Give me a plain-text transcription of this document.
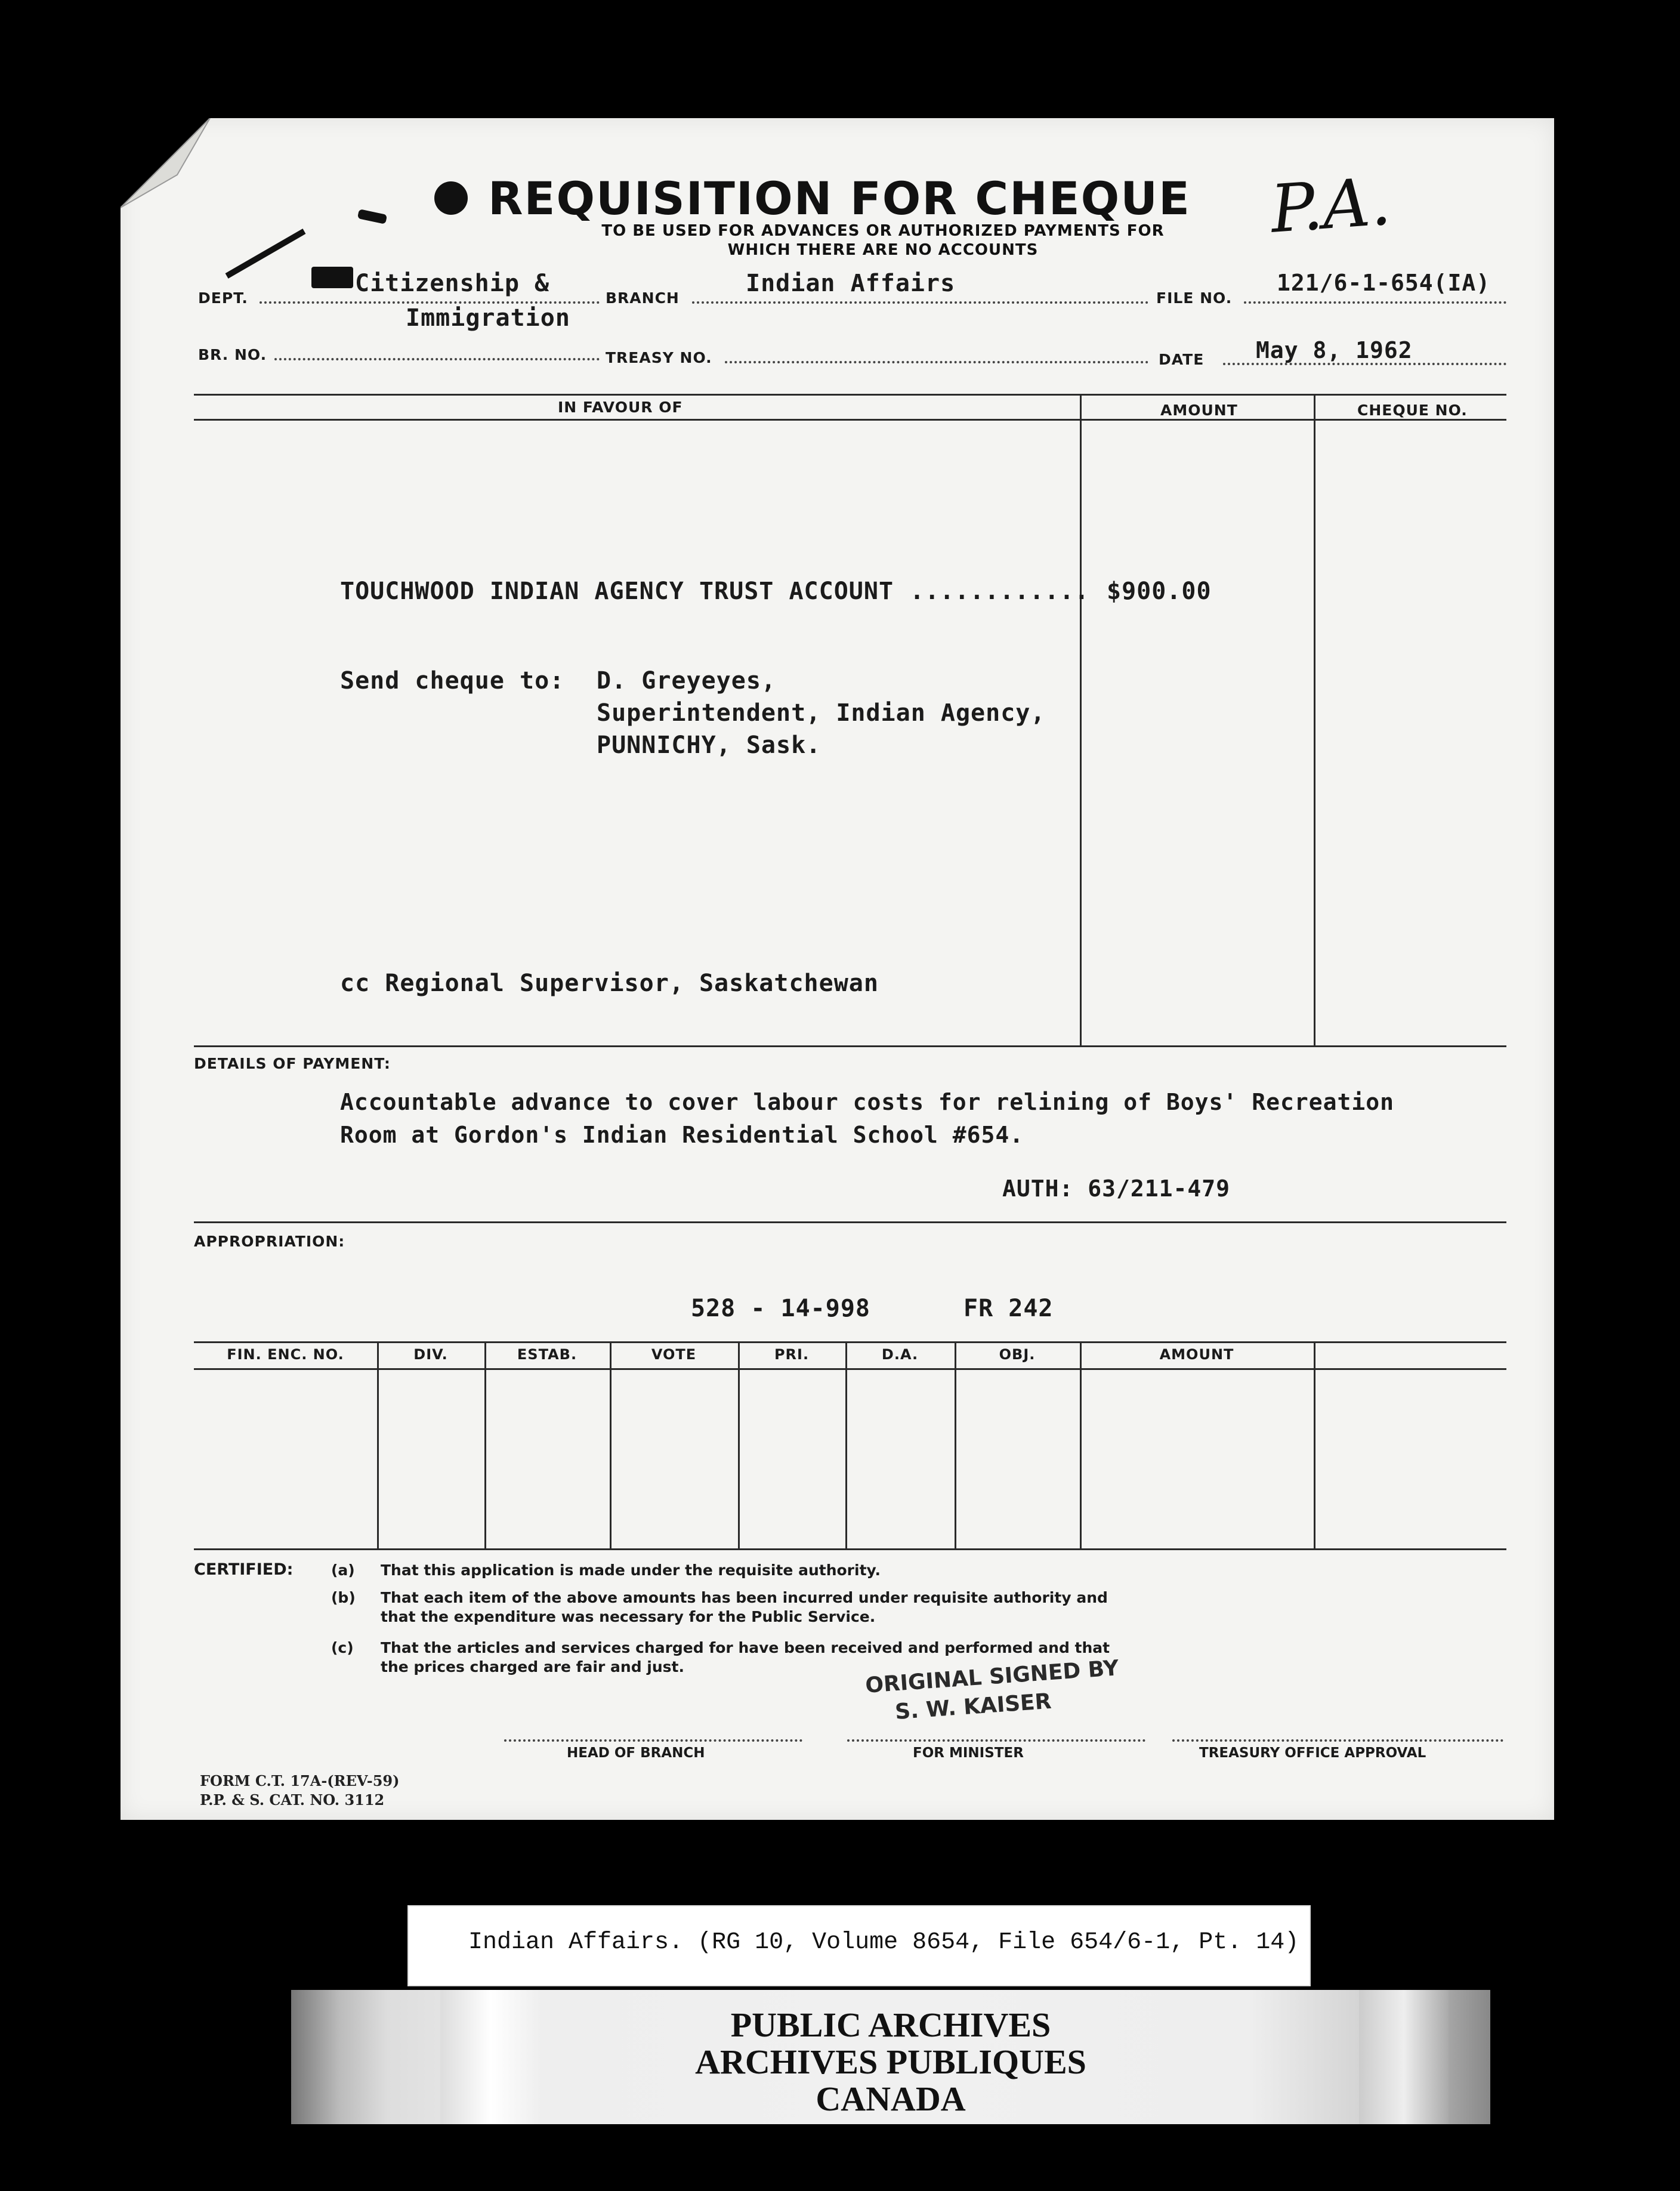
REQUISITION FOR CHEQUE
TO BE USED FOR ADVANCES OR AUTHORIZED PAYMENTS FOR
WHICH THERE ARE NO ACCOUNTS
P.A.
DEPT.
Citizenship &
Immigration
BRANCH
Indian Affairs
FILE NO.
121/6-1-654(IA)
BR. NO.	TREASY NO.	DATE May 8, 1962
IN FAVOUR OF	AMOUNT	CHEQUE NO.
TOUCHWOOD INDIAN AGENCY TRUST ACCOUNT ............ $900.00
Send cheque to: D. Greyeyes,
Superintendent, Indian Agency,
PUNNICHY, Sask.
cc Regional Supervisor, Saskatchewan
DETAILS OF PAYMENT:
Accountable advance to cover labour costs for relining of Boys' Recreation
Room at Gordon's Indian Residential School #654.
AUTH: 63/211-479
APPROPRIATION:
528 - 14-998	FR 242
FIN. ENC. NO.	DIV.	ESTAB.	VOTE	PRI.	D.A.	OBJ.	AMOUNT
CERTIFIED:	(a) That this application is made under the requisite authority.
(b) That each item of the above amounts has been incurred under requisite authority and
that the expenditure was necessary for the Public Service.
(c) That the articles and services charged for have been received and performed and that
the prices charged are fair and just.	ORIGINAL SIGNED BY
S. W. KAISER
HEAD OF BRANCH	FOR MINISTER	TREASURY OFFICE APPROVAL
FORM C.T. 17A-(REV-59)
P.P. & S. CAT. NO. 3112
Indian Affairs. (RG 10, Volume 8654, File 654/6-1, Pt. 14)
PUBLIC ARCHIVES
ARCHIVES PUBLIQUES
CANADA
